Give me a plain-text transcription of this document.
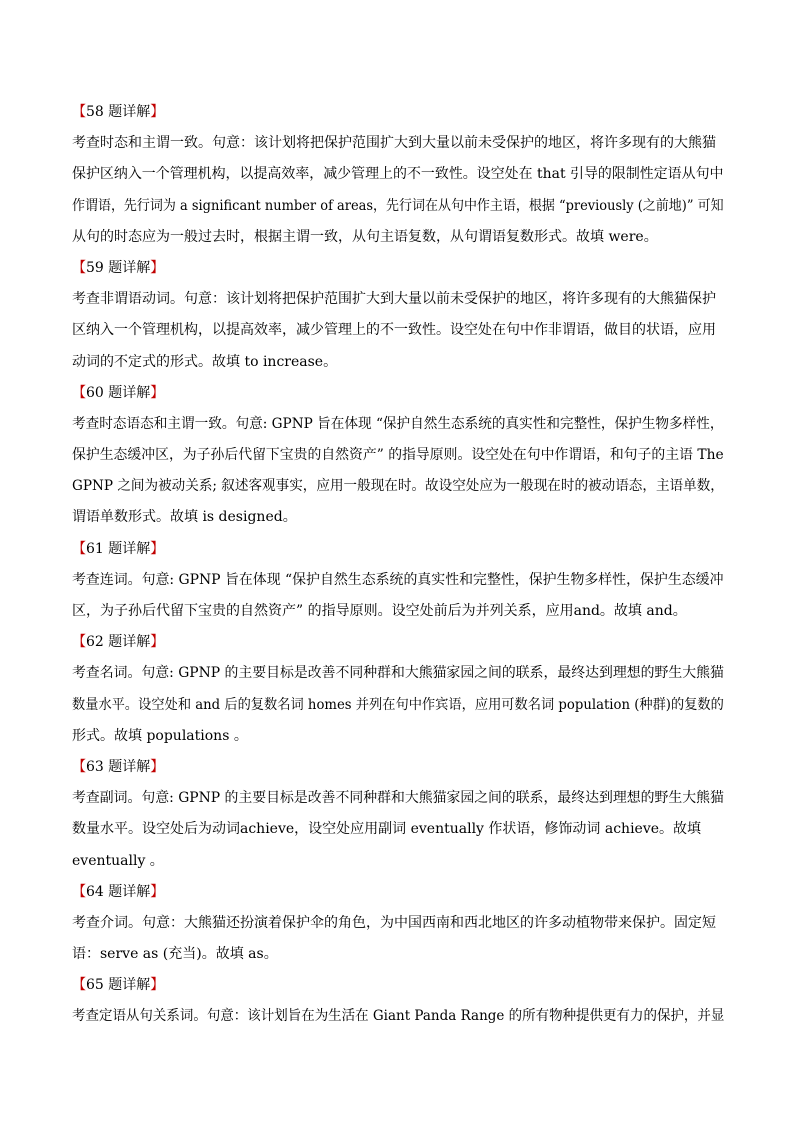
【58 题详解】
考查时态和主谓一致。句意：该计划将把保护范围扩大到大量以前未受保护的地区，将许多现有的大熊猫
保护区纳入一个管理机构，以提高效率，减少管理上的不一致性。设空处在 that 引导的限制性定语从句中
作谓语，先行词为 a significant number of areas，先行词在从句中作主语，根据 “previously (之前地)” 可知
从句的时态应为一般过去时，根据主谓一致，从句主语复数，从句谓语复数形式。故填 were。
【59 题详解】
考查非谓语动词。句意：该计划将把保护范围扩大到大量以前未受保护的地区，将许多现有的大熊猫保护
区纳入一个管理机构，以提高效率，减少管理上的不一致性。设空处在句中作非谓语，做目的状语，应用
动词的不定式的形式。故填 to increase。
【60 题详解】
考查时态语态和主谓一致。句意: GPNP 旨在体现 “保护自然生态系统的真实性和完整性，保护生物多样性，
保护生态缓冲区，为子孙后代留下宝贵的自然资产” 的指导原则。设空处在句中作谓语，和句子的主语 The
GPNP 之间为被动关系; 叙述客观事实，应用一般现在时。故设空处应为一般现在时的被动语态，主语单数，
谓语单数形式。故填 is designed。
【61 题详解】
考查连词。句意: GPNP 旨在体现 “保护自然生态系统的真实性和完整性，保护生物多样性，保护生态缓冲
区，为子孙后代留下宝贵的自然资产” 的指导原则。设空处前后为并列关系，应用and。故填 and。
【62 题详解】
考查名词。句意: GPNP 的主要目标是改善不同种群和大熊猫家园之间的联系，最终达到理想的野生大熊猫
数量水平。设空处和 and 后的复数名词 homes 并列在句中作宾语，应用可数名词 population (种群)的复数的
形式。故填 populations 。
【63 题详解】
考查副词。句意: GPNP 的主要目标是改善不同种群和大熊猫家园之间的联系，最终达到理想的野生大熊猫
数量水平。设空处后为动词achieve，设空处应用副词 eventually 作状语，修饰动词 achieve。故填
eventually 。
【64 题详解】
考查介词。句意：大熊猫还扮演着保护伞的角色，为中国西南和西北地区的许多动植物带来保护。固定短
语：serve as (充当)。故填 as。
【65 题详解】
考查定语从句关系词。句意：该计划旨在为生活在 Giant Panda Range 的所有物种提供更有力的保护，并显
